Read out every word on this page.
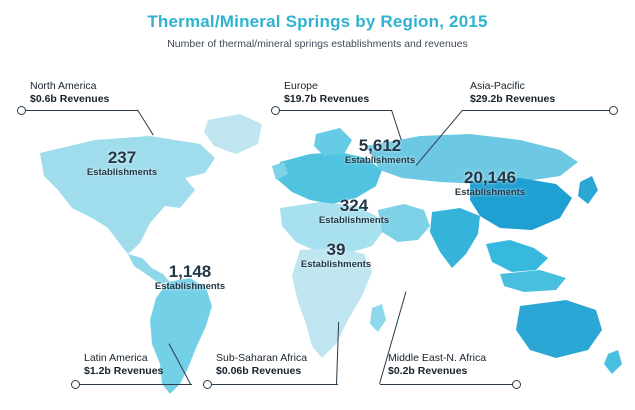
Thermal/Mineral Springs by Region, 2015
Number of thermal/mineral springs establishments and revenues
237
Establishments
1,148
Establishments
5,612
Establishments
20,146
Establishments
324
Establishments
39
Establishments
North America
$0.6b Revenues
Europe
$19.7b Revenues
Asia-Pacific
$29.2b Revenues
Latin America
$1.2b Revenues
Sub-Saharan Africa
$0.06b Revenues
Middle East-N. Africa
$0.2b Revenues
